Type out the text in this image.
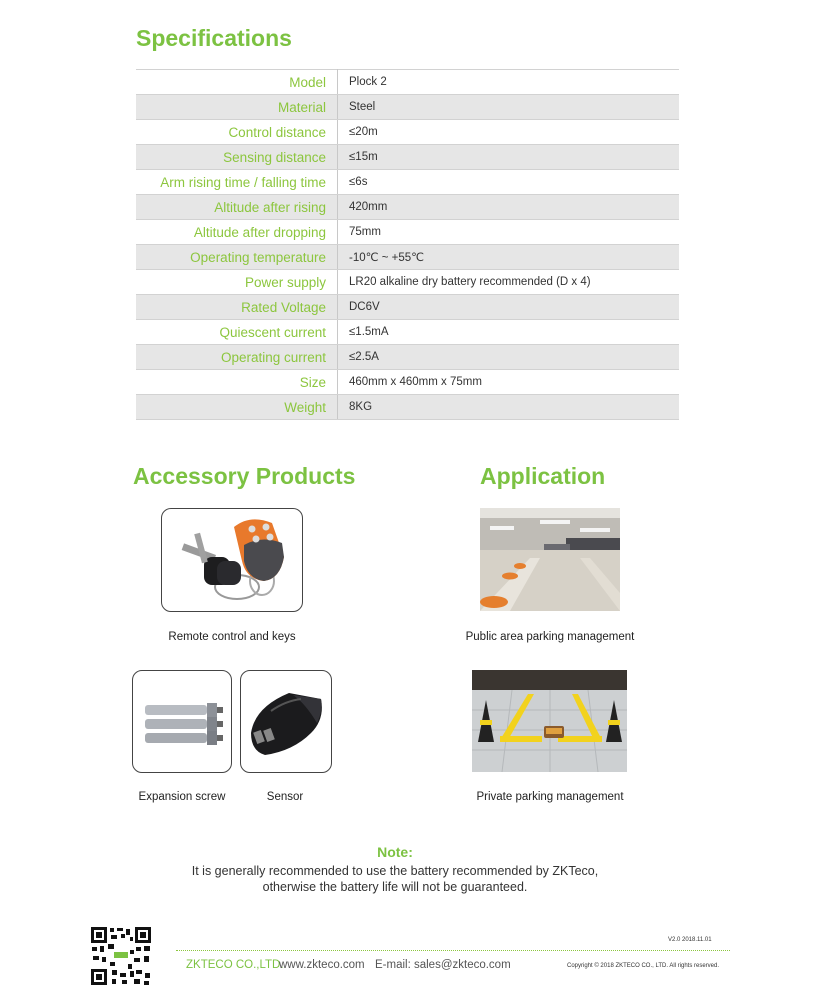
Specifications
Model	Plock 2
Material	Steel
Control distance	≤20m
Sensing distance	≤15m
Arm rising time / falling time	≤6s
Altitude after rising	420mm
Altitude after dropping	75mm
Operating temperature	-10℃ ~ +55℃
Power supply	LR20 alkaline dry battery recommended (D x 4)
Rated Voltage	DC6V
Quiescent current	≤1.5mA
Operating current	≤2.5A
Size	460mm x 460mm x 75mm
Weight	8KG
Accessory Products	Application
Remote control and keys
Expansion screw	Sensor
Public area parking management
Private parking management
Note:
It is generally recommended to use the battery recommended by ZKTeco,
otherwise the battery life will not be guaranteed.
V2.0 2018.11.01
ZKTECO CO.,LTD.
www.zkteco.com E-mail: sales@zkteco.com	Copyright © 2018 ZKTECO CO., LTD. All rights reserved.
